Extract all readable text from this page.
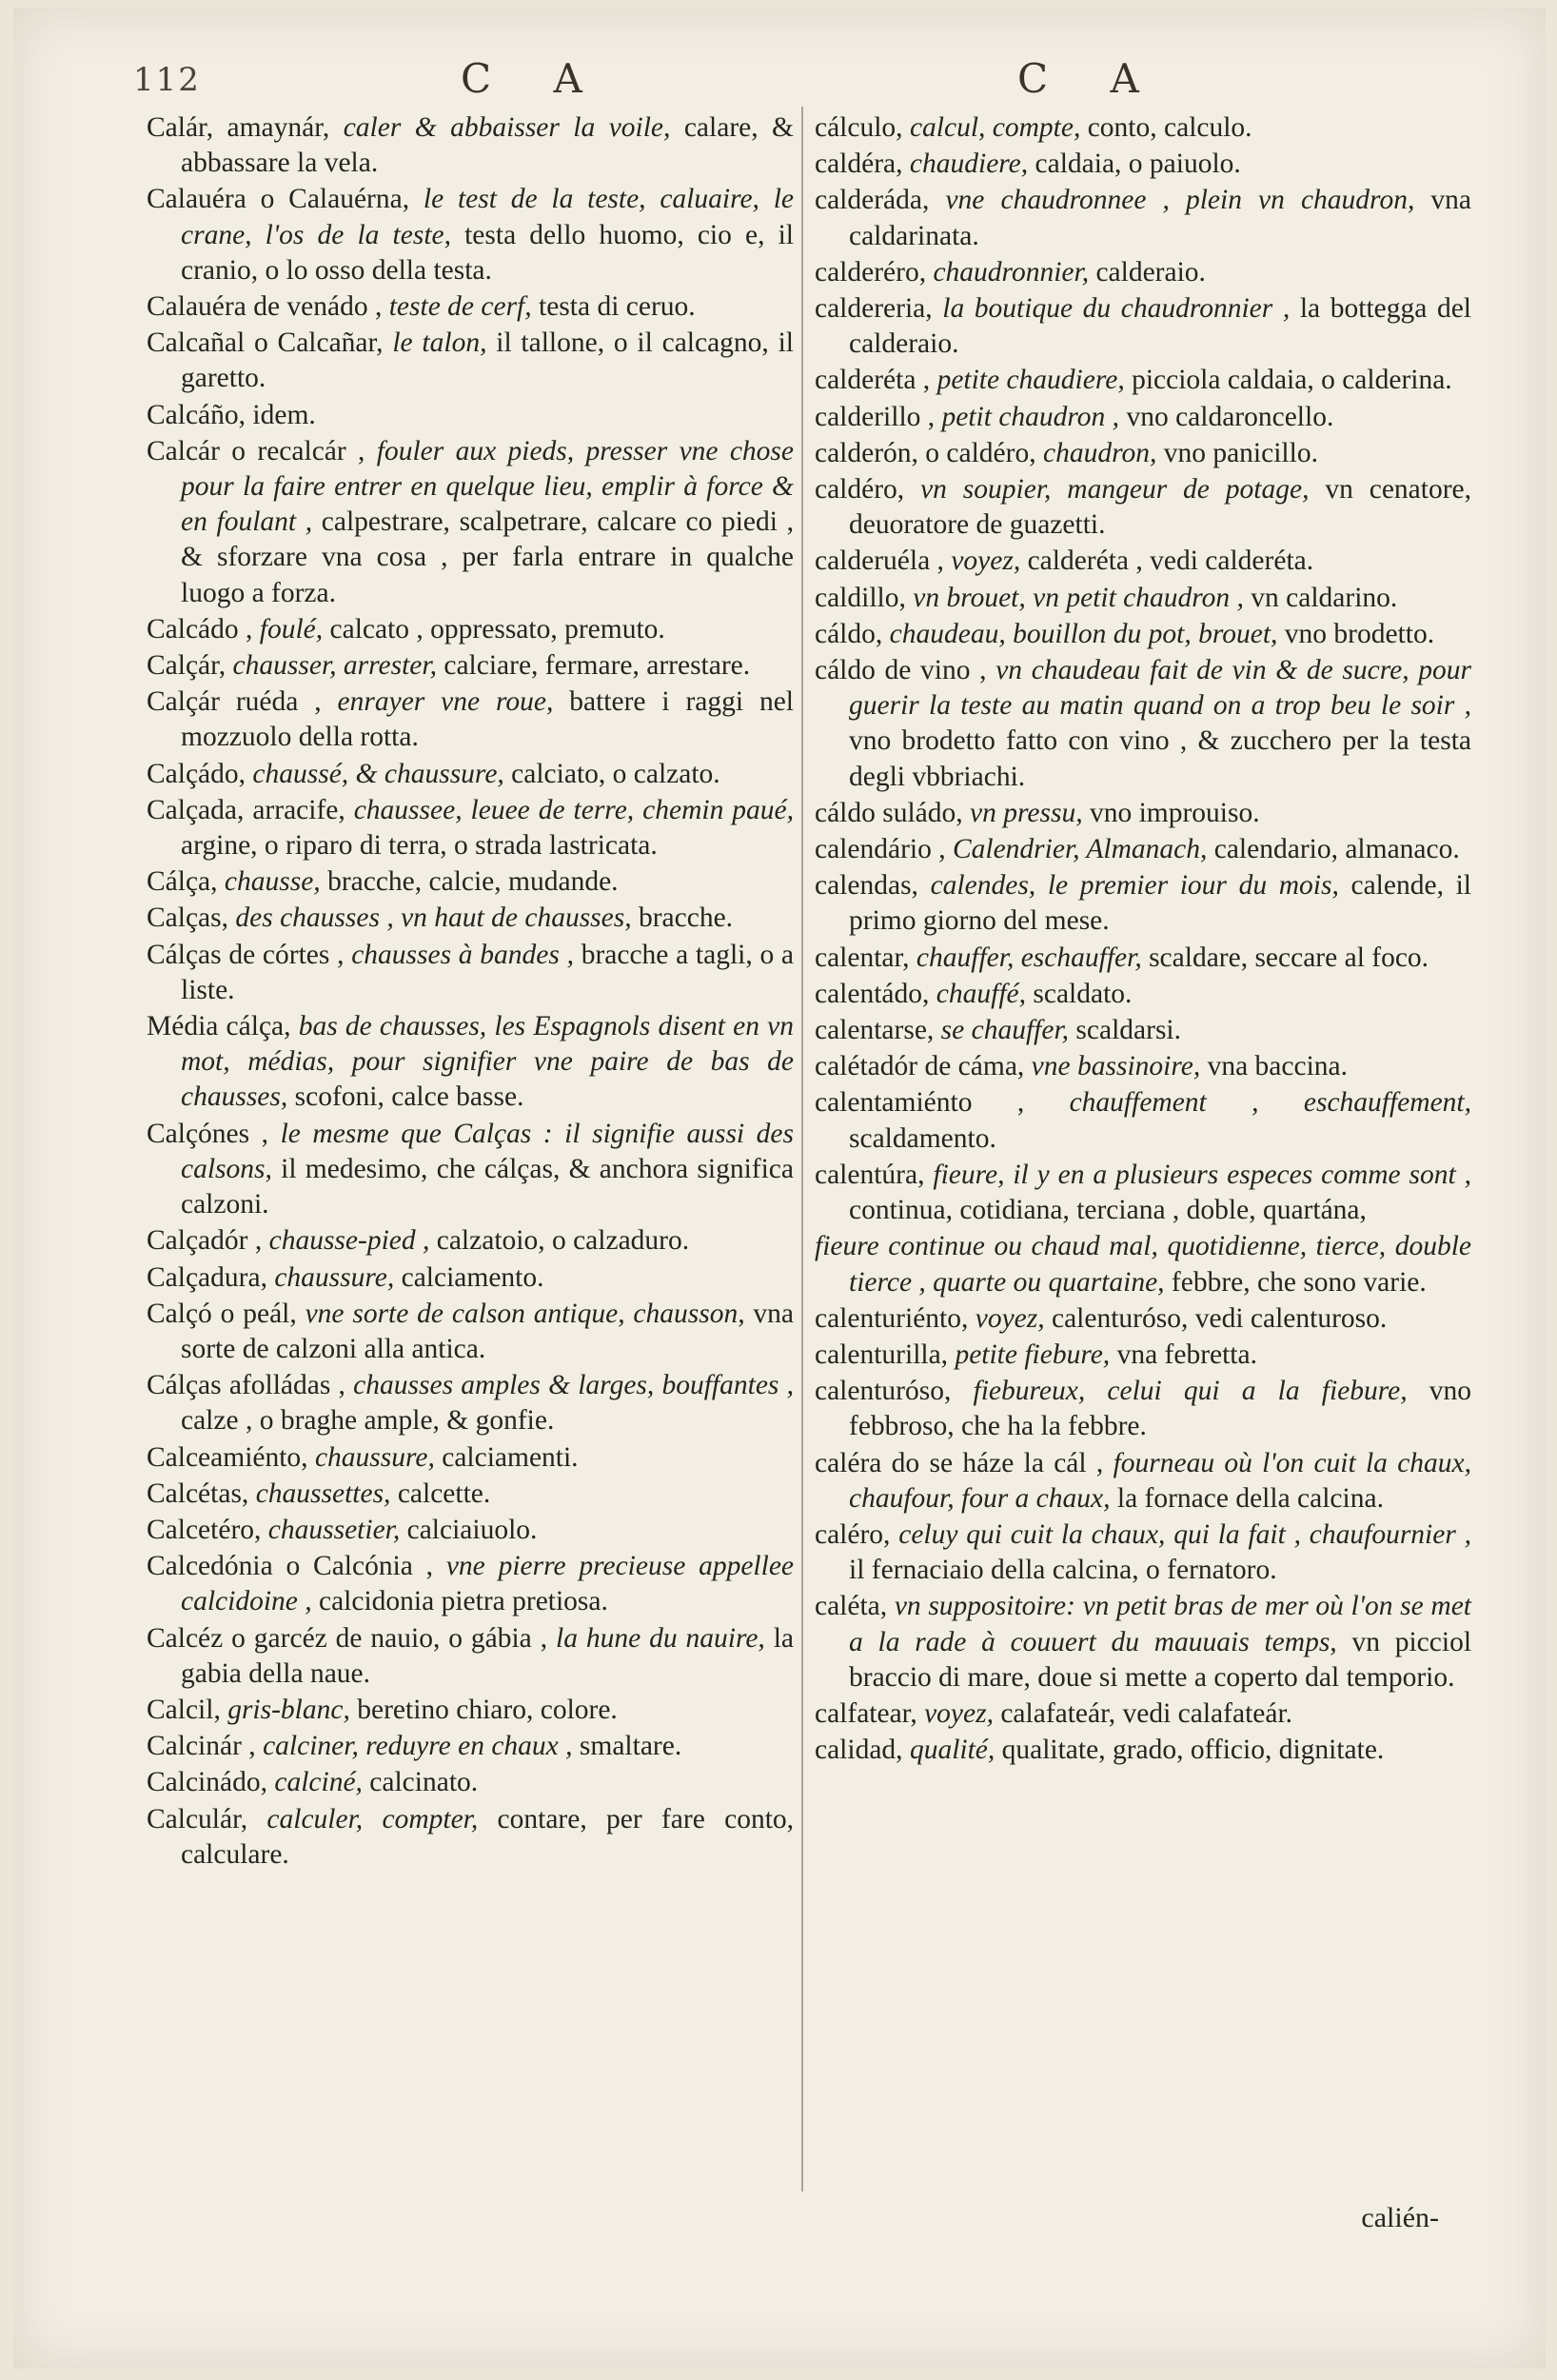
112	C A	C A

Calár, amaynár, caler & abbaisser la voile, calare, & abbassare la vela.

Calauéra o Calauérna, le test de la teste, caluaire, le crane, l'os de la teste, testa dello huomo, cio e, il cranio, o lo osso della testa.

Calauéra de venádo , teste de cerf, testa di ceruo.

Calcañal o Calcañar, le talon, il tallone, o il calcagno, il garetto.

Calcáño, idem.

Calcár o recalcár , fouler aux pieds, presser vne chose pour la faire entrer en quelque lieu, emplir à force & en foulant , calpestrare, scalpetrare, calcare co piedi , & sforzare vna cosa , per farla entrare in qualche luogo a forza.

Calcádo , foulé, calcato , oppressato, premuto.

Calçár, chausser, arrester, calciare, fermare, arrestare.

Calçár ruéda , enrayer vne roue, battere i raggi nel mozzuolo della rotta.

Calçádo, chaussé, & chaussure, calciato, o calzato.

Calçada, arracife, chaussee, leuee de terre, chemin paué, argine, o riparo di terra, o strada lastricata.

Cálça, chausse, bracche, calcie, mudande.

Calças, des chausses , vn haut de chausses, bracche.

Cálças de córtes , chausses à bandes , bracche a tagli, o a liste.

Média cálça, bas de chausses, les Espagnols disent en vn mot, médias, pour signifier vne paire de bas de chausses, scofoni, calce basse.

Calçónes , le mesme que Calças : il signifie aussi des calsons, il medesimo, che cálças, & anchora significa calzoni.

Calçadór , chausse-pied , calzatoio, o calzaduro.

Calçadura, chaussure, calciamento.

Calçó o peál, vne sorte de calson antique, chausson, vna sorte de calzoni alla antica.

Cálças afolládas , chausses amples & larges, bouffantes , calze , o braghe ample, & gonfie.

Calceamiénto, chaussure, calciamenti.

Calcétas, chaussettes, calcette.

Calcetéro, chaussetier, calciaiuolo.

Calcedónia o Calcónia , vne pierre precieuse appellee calcidoine , calcidonia pietra pretiosa.

Calcéz o garcéz de nauio, o gábia , la hune du nauire, la gabia della naue.

Calcil, gris-blanc, beretino chiaro, colore.

Calcinár , calciner, reduyre en chaux , smaltare.

Calcinádo, calciné, calcinato.

Calculár, calculer, compter, contare, per fare conto, calculare.

cálculo, calcul, compte, conto, calculo.

caldéra, chaudiere, caldaia, o paiuolo.

calderáda, vne chaudronnee , plein vn chaudron, vna caldarinata.

calderéro, chaudronnier, calderaio.

caldereria, la boutique du chaudronnier , la bottegga del calderaio.

calderéta , petite chaudiere, picciola caldaia, o calderina.

calderillo , petit chaudron , vno caldaroncello.

calderón, o caldéro, chaudron, vno panicillo.

caldéro, vn soupier, mangeur de potage, vn cenatore, deuoratore de guazetti.

calderuéla , voyez, calderéta , vedi calderéta.

caldillo, vn brouet, vn petit chaudron , vn caldarino.

cáldo, chaudeau, bouillon du pot, brouet, vno brodetto.

cáldo de vino , vn chaudeau fait de vin & de sucre, pour guerir la teste au matin quand on a trop beu le soir , vno brodetto fatto con vino , & zucchero per la testa degli vbbriachi.

cáldo suládo, vn pressu, vno improuiso.

calendário , Calendrier, Almanach, calendario, almanaco.

calendas, calendes, le premier iour du mois, calende, il primo giorno del mese.

calentar, chauffer, eschauffer, scaldare, seccare al foco.

calentádo, chauffé, scaldato.

calentarse, se chauffer, scaldarsi.

calétadór de cáma, vne bassinoire, vna baccina.

calentamiénto , chauffement , eschauffement, scaldamento.

calentúra, fieure, il y en a plusieurs especes comme sont , continua, cotidiana, terciana , doble, quartána,

fieure continue ou chaud mal, quotidienne, tierce, double tierce , quarte ou quartaine, febbre, che sono varie.

calenturiénto, voyez, calenturóso, vedi calenturoso.

calenturilla, petite fiebure, vna febretta.

calenturóso, fiebureux, celui qui a la fiebure, vno febbroso, che ha la febbre.

caléra do se háze la cál , fourneau où l'on cuit la chaux, chaufour, four a chaux, la fornace della calcina.

caléro, celuy qui cuit la chaux, qui la fait , chaufournier , il fernaciaio della calcina, o fernatoro.

caléta, vn suppositoire: vn petit bras de mer où l'on se met a la rade à couuert du mauuais temps, vn picciol braccio di mare, doue si mette a coperto dal temporio.

calfatear, voyez, calafateár, vedi calafateár.

calidad, qualité, qualitate, grado, officio, dignitate.

calién-
